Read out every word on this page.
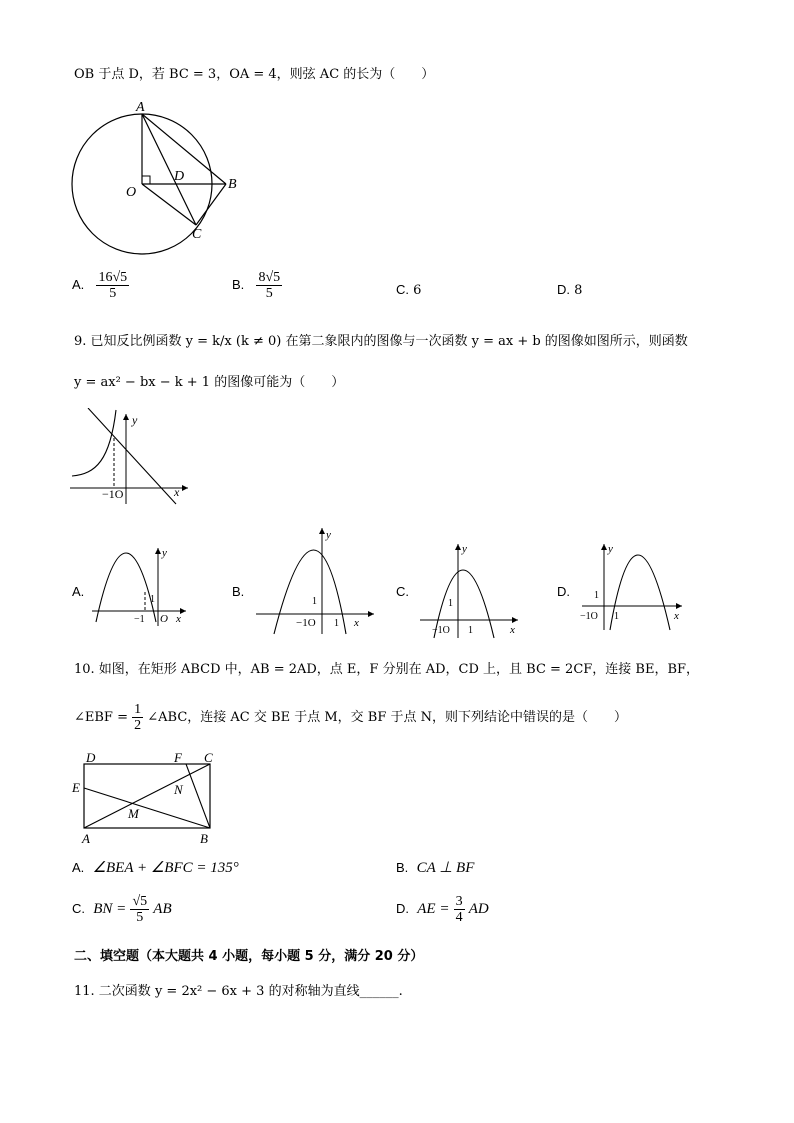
OB 于点 D，若 BC = 3，OA = 4，则弦 AC 的长为（　　）
A
O
D
B
C
A. $\frac{16√5}{5}$	B. $\frac{8√5}{5}$	C. 6	D. 8
9. 已知反比例函数 y = k/x (k ≠ 0) 在第二象限内的图像与一次函数 y = ax + b 的图像如图所示，则函数
y = ax² − bx − k + 1 的图像可能为（　　）
y
x
−1O
A.	B.	C.	D.
y
1
−1 O x
y
1
−1O 1 x
y
1
−1O 1	x
y
1
−1O 1	x
10. 如图，在矩形 ABCD 中，AB = 2AD，点 E，F 分别在 AD，CD 上，且 BC = 2CF，连接 BE，BF，
∠EBF = $\frac{1}{2}$ ∠ABC，连接 AC 交 BE 于点 M，交 BF 于点 N，则下列结论中错误的是（　　）
D	F C
E	N
M
A	B
A. ∠BEA + ∠BFC = 135°	B. CA ⊥ BF
C. BN = $\frac{√5}{5}$ AB	D. AE = $\frac{3}{4}$ AD
二、填空题（本大题共 4 小题，每小题 5 分，满分 20 分）
11. 二次函数 y = 2x² − 6x + 3 的对称轴为直线______.
